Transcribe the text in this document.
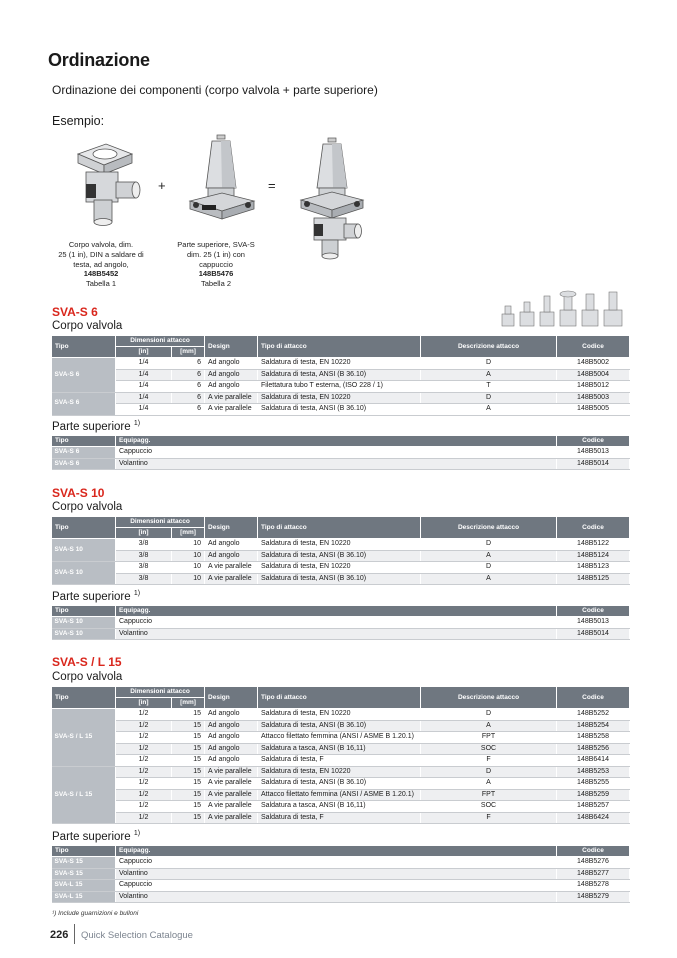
Ordinazione
Ordinazione dei componenti (corpo valvola + parte superiore)
Esempio:
+	=
Corpo valvola, dim.
25 (1 in), DIN a saldare di
testa, ad angolo,
148B5452
Tabella 1
Parte superiore, SVA-S
dim. 25 (1 in) con
cappuccio
148B5476
Tabella 2
SVA-S 6
Corpo valvola
Tipo	Dimensioni attacco		Design	Tipo di attacco	Descrizione attacco	Codice
	[in]	[mm]				
SVA-S 6	1/4	6	Ad angolo	Saldatura di testa, EN 10220	D	148B5002
	1/4	6	Ad angolo	Saldatura di testa, ANSI (B 36.10)	A	148B5004
	1/4	6	Ad angolo	Filettatura tubo T esterna, (ISO 228 / 1)	T	148B5012
SVA-S 6	1/4	6	A vie parallele	Saldatura di testa, EN 10220	D	148B5003
	1/4	6	A vie parallele	Saldatura di testa, ANSI (B 36.10)	A	148B5005
Parte superiore $^{1)}$
Tipo	Equipagg.	Codice
SVA-S 6	Cappuccio	148B5013
SVA-S 6	Volantino	148B5014
SVA-S 10
Corpo valvola
Tipo	Dimensioni attacco		Design	Tipo di attacco	Descrizione attacco	Codice
	[in]	[mm]				
SVA-S 10	3/8	10	Ad angolo	Saldatura di testa, EN 10220	D	148B5122
	3/8	10	Ad angolo	Saldatura di testa, ANSI (B 36.10)	A	148B5124
SVA-S 10	3/8	10	A vie parallele	Saldatura di testa, EN 10220	D	148B5123
	3/8	10	A vie parallele	Saldatura di testa, ANSI (B 36.10)	A	148B5125
Parte superiore $^{1)}$
Tipo	Equipagg.	Codice
SVA-S 10	Cappuccio	148B5013
SVA-S 10	Volantino	148B5014
SVA-S / L 15
Corpo valvola
Tipo	Dimensioni attacco		Design	Tipo di attacco	Descrizione attacco	Codice
	[in]	[mm]				
SVA-S / L 15	1/2	15	Ad angolo	Saldatura di testa, EN 10220	D	148B5252
	1/2	15	Ad angolo	Saldatura di testa, ANSI (B 36.10)	A	148B5254
	1/2	15	Ad angolo	Attacco filettato femmina (ANSI / ASME B 1.20.1)	FPT	148B5258
	1/2	15	Ad angolo	Saldatura a tasca, ANSI (B 16,11)	SOC	148B5256
	1/2	15	Ad angolo	Saldatura di testa, F	F	148B6414
SVA-S / L 15	1/2	15	A vie parallele	Saldatura di testa, EN 10220	D	148B5253
	1/2	15	A vie parallele	Saldatura di testa, ANSI (B 36.10)	A	148B5255
	1/2	15	A vie parallele	Attacco filettato femmina (ANSI / ASME B 1.20.1)	FPT	148B5259
	1/2	15	A vie parallele	Saldatura a tasca, ANSI (B 16,11)	SOC	148B5257
	1/2	15	A vie parallele	Saldatura di testa, F	F	148B6424
Parte superiore $^{1)}$
Tipo	Equipagg.	Codice
SVA-S 15	Cappuccio	148B5276
SVA-S 15	Volantino	148B5277
SVA-L 15	Cappuccio	148B5278
SVA-L 15	Volantino	148B5279
¹) Include guarnizioni e bulloni
226 Quick Selection Catalogue
